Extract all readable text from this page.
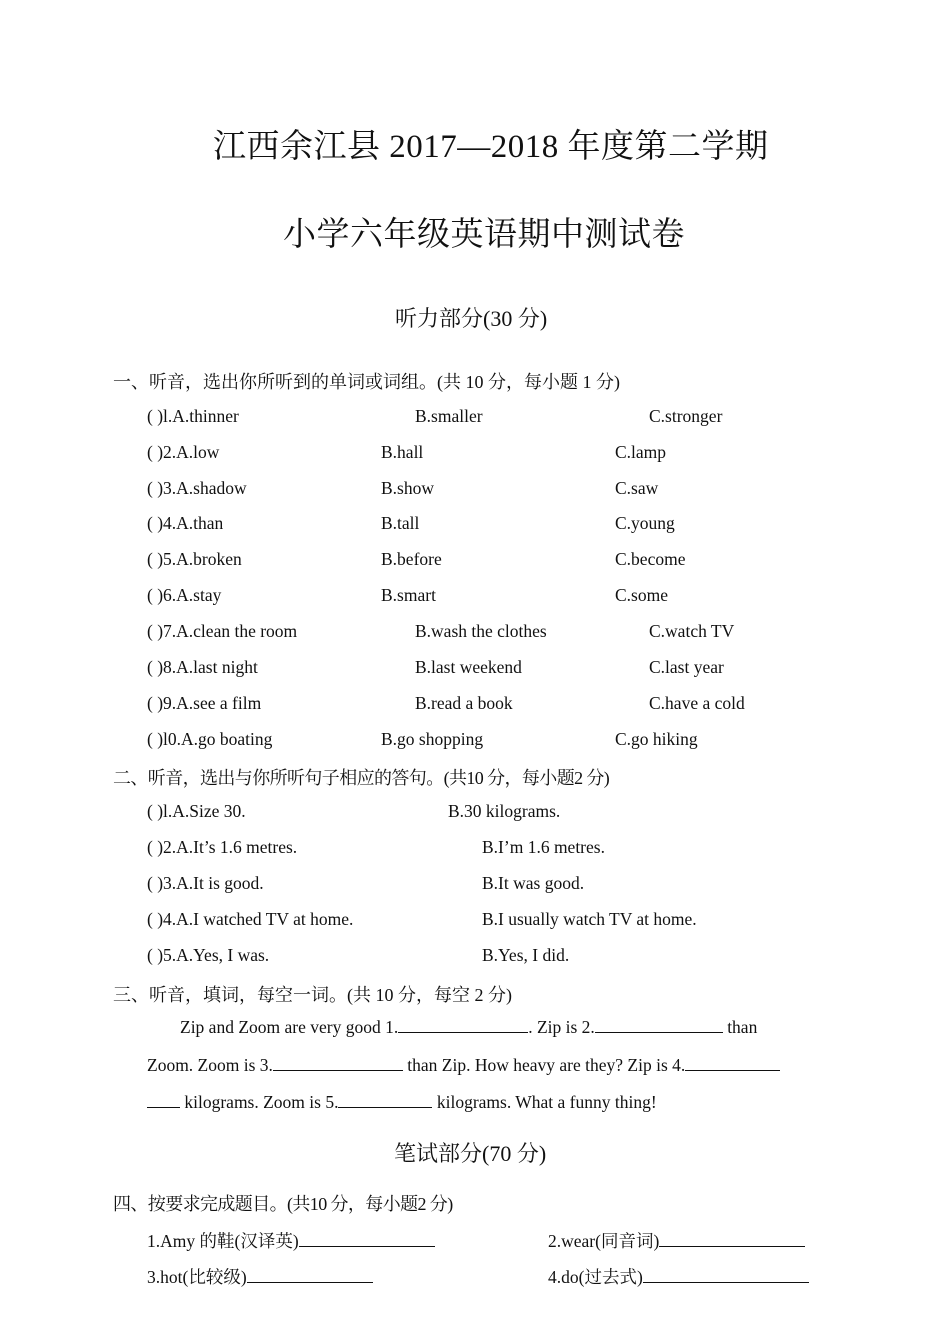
江西余江县 2017—2018 年度第二学期
小学六年级英语期中测试卷
听力部分(30 分)
一、听音，选出你所听到的单词或词组。(共 10 分，每小题 1 分)
( )l.A.thinner	B.smaller	C.stronger
( )2.A.low	B.hall	C.lamp
( )3.A.shadow	B.show	C.saw
( )4.A.than	B.tall	C.young
( )5.A.broken	B.before	C.become
( )6.A.stay	B.smart	C.some
( )7.A.clean the room	B.wash the clothes	C.watch TV
( )8.A.last night	B.last weekend	C.last year
( )9.A.see a film	B.read a book	C.have a cold
( )l0.A.go boating	B.go shopping	C.go hiking
二、听音，选出与你所听句子相应的答句。(共10 分，每小题2 分)
( )l.A.Size 30.	B.30 kilograms.
( )2.A.It’s 1.6 metres.	B.I’m 1.6 metres.
( )3.A.It is good.	B.It was good.
( )4.A.I watched TV at home.	B.I usually watch TV at home.
( )5.A.Yes, I was.	B.Yes, I did.
三、听音，填词，每空一词。(共 10 分，每空 2 分)
Zip and Zoom are very good 1.	. Zip is 2.	than
Zoom. Zoom is 3.	than Zip. How heavy are they? Zip is 4.
kilograms. Zoom is 5.	kilograms. What a funny thing!
笔试部分(70 分)
四、按要求完成题目。(共10 分，每小题2 分)
1.Amy 的鞋(汉译英)	2.wear(同音词)
3.hot(比较级)	4.do(过去式)
